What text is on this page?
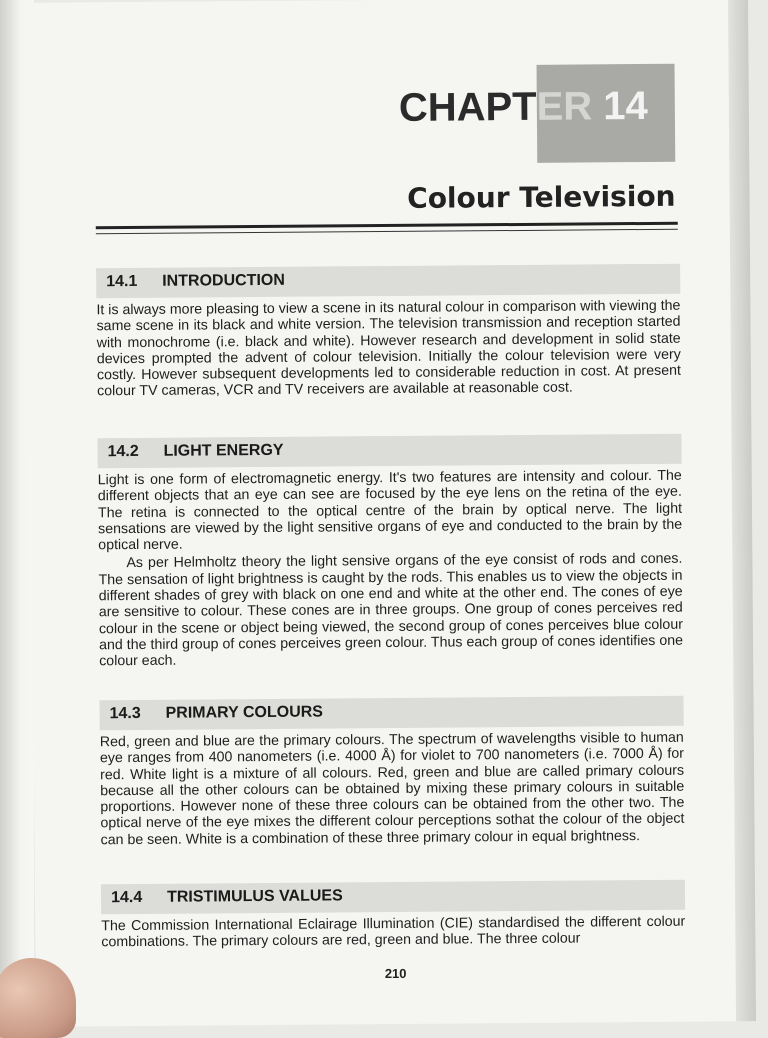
CHAPTER 14
Colour Television
14.1 INTRODUCTION

It is always more pleasing to view a scene in its natural colour in comparison with viewing the same scene in its black and white version. The television transmission and reception started with monochrome (i.e. black and white). However research and development in solid state devices prompted the advent of colour television. Initially the colour television were very costly. However subsequent developments led to considerable reduction in cost. At present colour TV cameras, VCR and TV receivers are available at reasonable cost.

14.2 LIGHT ENERGY

Light is one form of electromagnetic energy. It's two features are intensity and colour. The different objects that an eye can see are focused by the eye lens on the retina of the eye. The retina is connected to the optical centre of the brain by optical nerve. The light sensations are viewed by the light sensitive organs of eye and conducted to the brain by the optical nerve.

As per Helmholtz theory the light sensive organs of the eye consist of rods and cones. The sensation of light brightness is caught by the rods. This enables us to view the objects in different shades of grey with black on one end and white at the other end. The cones of eye are sensitive to colour. These cones are in three groups. One group of cones perceives red colour in the scene or object being viewed, the second group of cones perceives blue colour and the third group of cones perceives green colour. Thus each group of cones identifies one colour each.

14.3 PRIMARY COLOURS

Red, green and blue are the primary colours. The spectrum of wavelengths visible to human eye ranges from 400 nanometers (i.e. 4000 Å) for violet to 700 nanometers (i.e. 7000 Å) for red. White light is a mixture of all colours. Red, green and blue are called primary colours because all the other colours can be obtained by mixing these primary colours in suitable proportions. However none of these three colours can be obtained from the other two. The optical nerve of the eye mixes the different colour perceptions sothat the colour of the object can be seen. White is a combination of these three primary colour in equal brightness.

14.4 TRISTIMULUS VALUES

The Commission International Eclairage Illumination (CIE) standardised the different colour combinations. The primary colours are red, green and blue. The three colour

210
